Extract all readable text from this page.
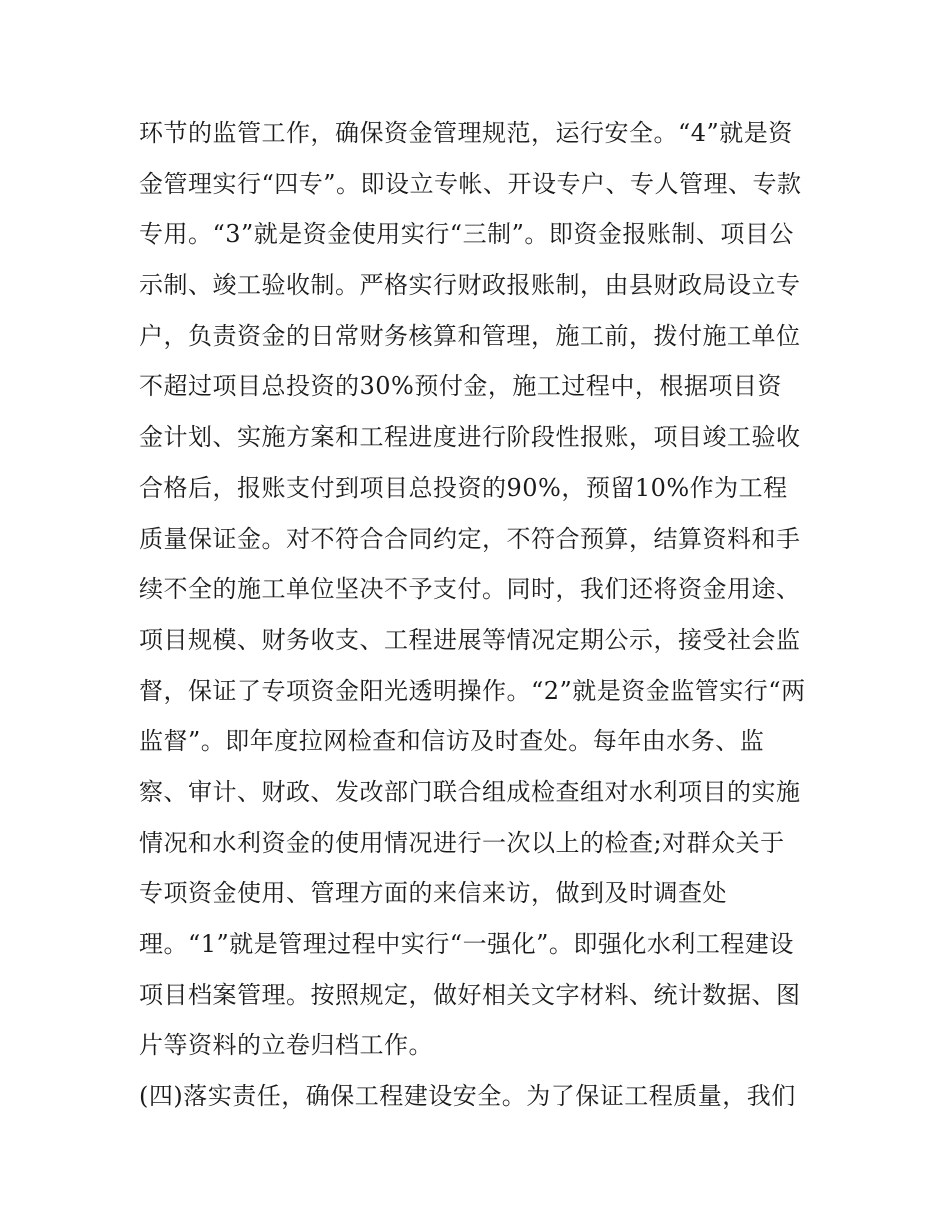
环节的监管工作，确保资金管理规范，运行安全。“4”就是资
金管理实行“四专”。即设立专帐、开设专户、专人管理、专款
专用。“3”就是资金使用实行“三制”。即资金报账制、项目公
示制、竣工验收制。严格实行财政报账制，由县财政局设立专
户，负责资金的日常财务核算和管理，施工前，拨付施工单位
不超过项目总投资的30%预付金，施工过程中，根据项目资
金计划、实施方案和工程进度进行阶段性报账，项目竣工验收
合格后，报账支付到项目总投资的90%，预留10%作为工程
质量保证金。对不符合合同约定，不符合预算，结算资料和手
续不全的施工单位坚决不予支付。同时，我们还将资金用途、
项目规模、财务收支、工程进展等情况定期公示，接受社会监
督，保证了专项资金阳光透明操作。“2”就是资金监管实行“两
监督”。即年度拉网检查和信访及时查处。每年由水务、监
察、审计、财政、发改部门联合组成检查组对水利项目的实施
情况和水利资金的使用情况进行一次以上的检查;对群众关于
专项资金使用、管理方面的来信来访，做到及时调查处
理。“1”就是管理过程中实行“一强化”。即强化水利工程建设
项目档案管理。按照规定，做好相关文字材料、统计数据、图
片等资料的立卷归档工作。
(四)落实责任，确保工程建设安全。为了保证工程质量，我们
